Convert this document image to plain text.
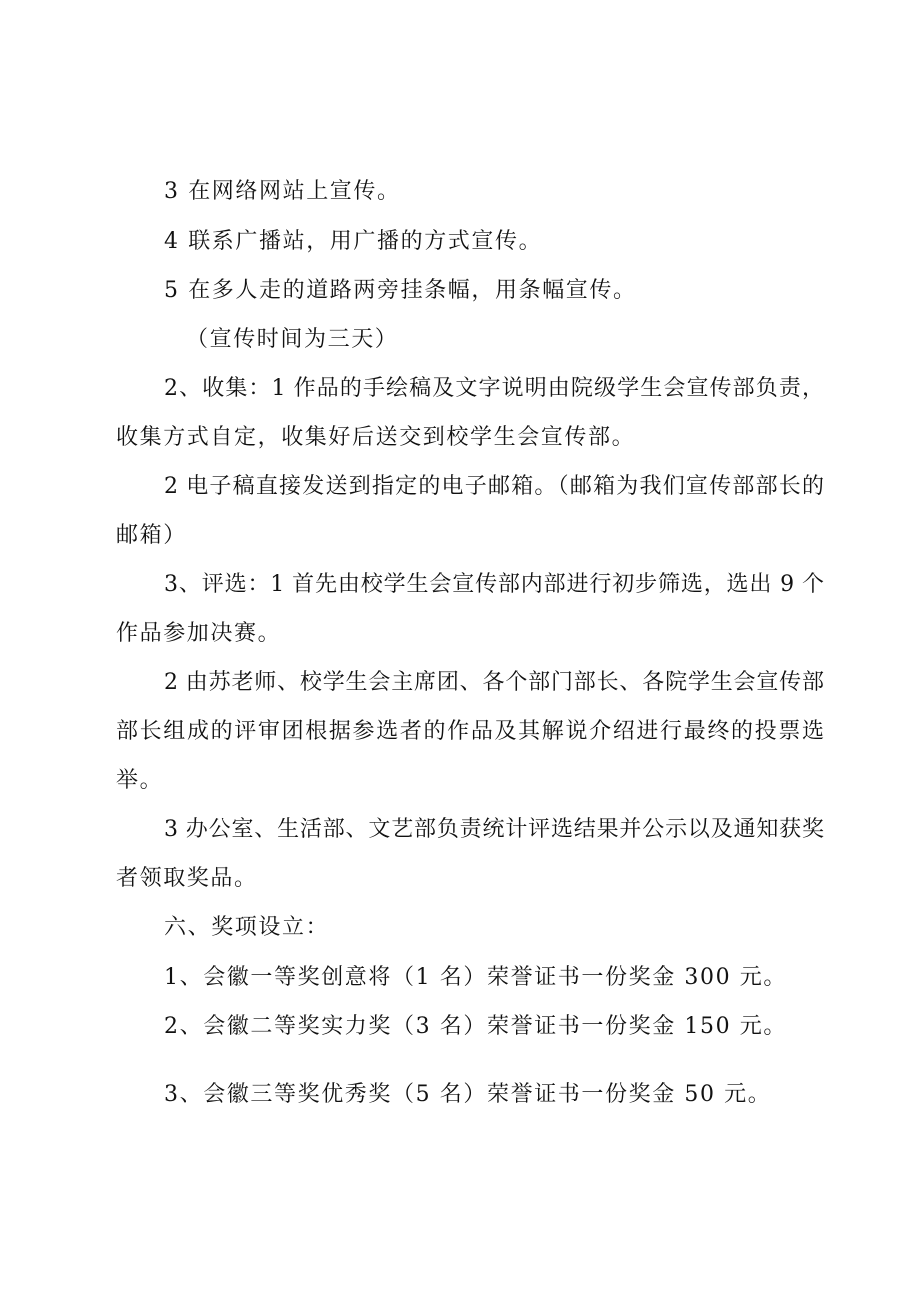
3 在网络网站上宣传。
4 联系广播站，用广播的方式宣传。
5 在多人走的道路两旁挂条幅，用条幅宣传。
（宣传时间为三天）
2、收集：1 作品的手绘稿及文字说明由院级学生会宣传部负责，
收集方式自定，收集好后送交到校学生会宣传部。
2 电子稿直接发送到指定的电子邮箱。（邮箱为我们宣传部部长的
邮箱）
3、评选：1 首先由校学生会宣传部内部进行初步筛选，选出 9 个
作品参加决赛。
2 由苏老师、校学生会主席团、各个部门部长、各院学生会宣传部
部长组成的评审团根据参选者的作品及其解说介绍进行最终的投票选
举。
3 办公室、生活部、文艺部负责统计评选结果并公示以及通知获奖
者领取奖品。
六、奖项设立：
1、会徽一等奖创意将（1 名）荣誉证书一份奖金 300 元。
2、会徽二等奖实力奖（3 名）荣誉证书一份奖金 150 元。
3、会徽三等奖优秀奖（5 名）荣誉证书一份奖金 50 元。
